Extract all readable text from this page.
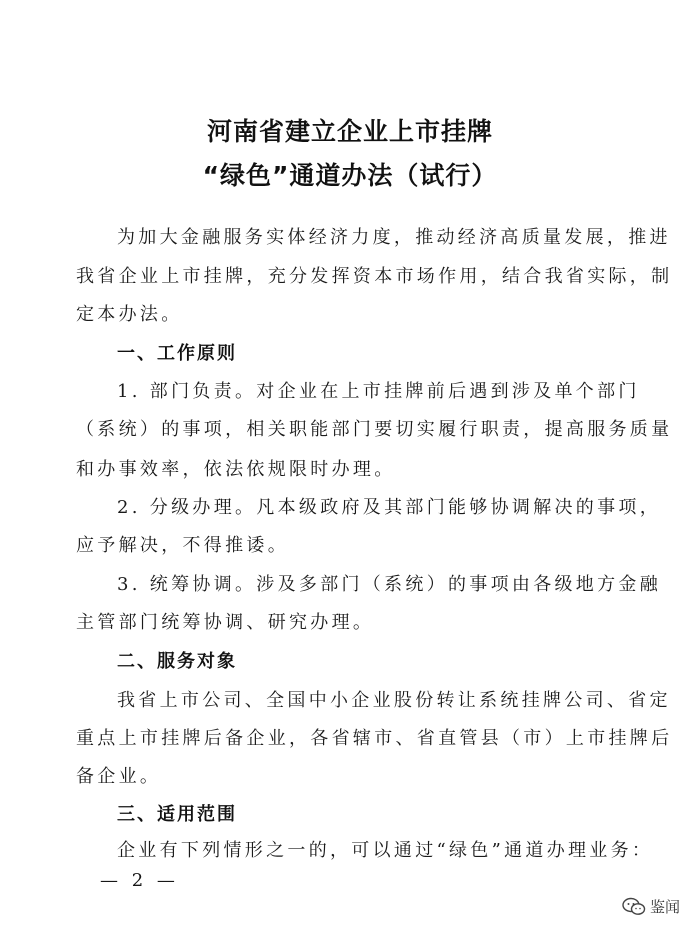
河南省建立企业上市挂牌
“绿色”通道办法（试行）
为加大金融服务实体经济力度，推动经济高质量发展，推进
我省企业上市挂牌，充分发挥资本市场作用，结合我省实际，制
定本办法。
一、工作原则
1. 部门负责。对企业在上市挂牌前后遇到涉及单个部门
（系统）的事项，相关职能部门要切实履行职责，提高服务质量
和办事效率，依法依规限时办理。
2. 分级办理。凡本级政府及其部门能够协调解决的事项，
应予解决，不得推诿。
3. 统筹协调。涉及多部门（系统）的事项由各级地方金融
主管部门统筹协调、研究办理。
二、服务对象
我省上市公司、全国中小企业股份转让系统挂牌公司、省定
重点上市挂牌后备企业，各省辖市、省直管县（市）上市挂牌后
备企业。
三、适用范围
企业有下列情形之一的，可以通过“绿色”通道办理业务：
— 2 —
鉴闻
